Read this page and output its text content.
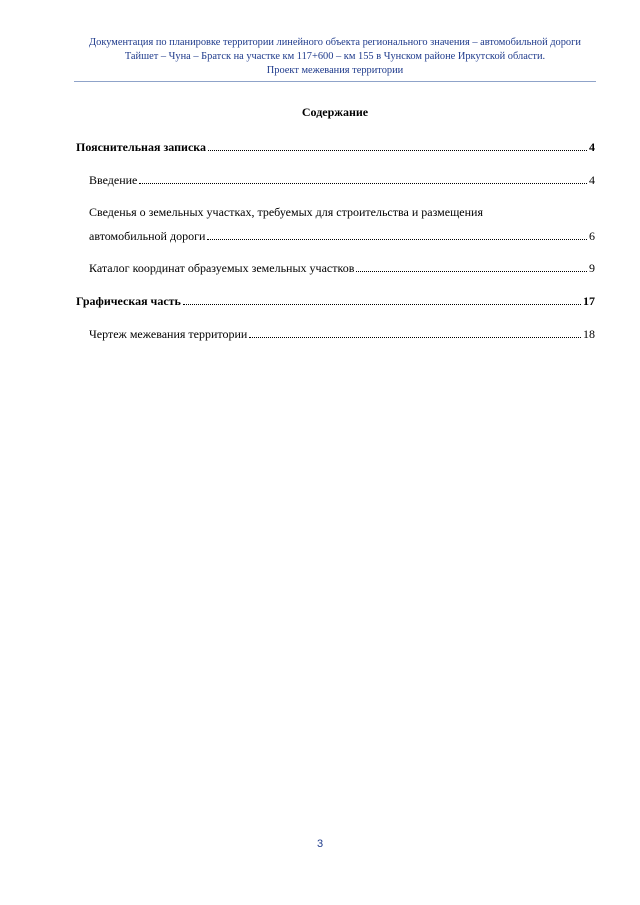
Документация по планировке территории линейного объекта регионального значения – автомобильной дороги
Тайшет – Чуна – Братск на участке км 117+600 – км 155 в Чунском районе Иркутской области.
Проект межевания территории
Содержание
Пояснительная записка	4
Введение	4
Сведенья о земельных участках, требуемых для строительства и размещения
автомобильной дороги	6
Каталог координат образуемых земельных участков	9
Графическая часть	17
Чертеж межевания территории	18
3
